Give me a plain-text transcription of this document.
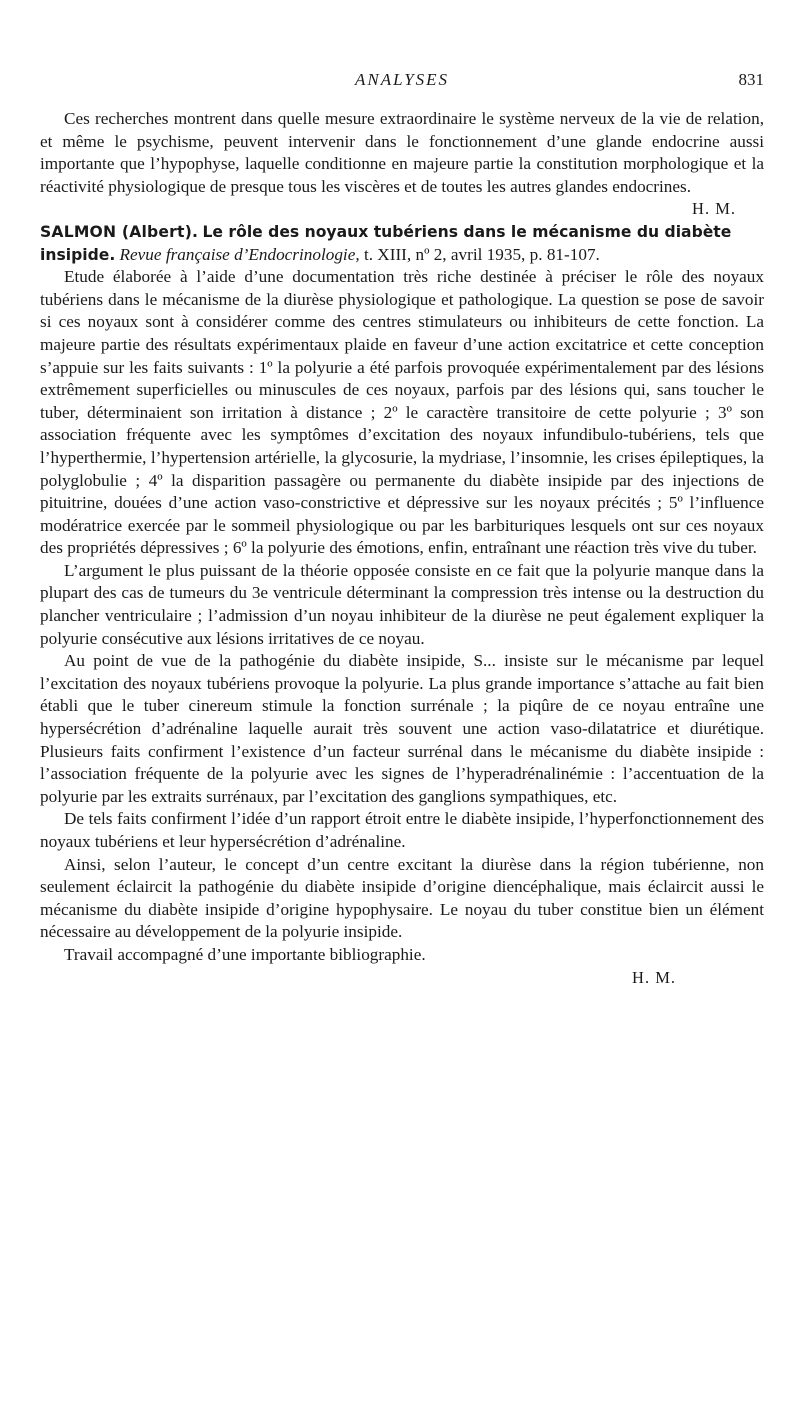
ANALYSES	831

Ces recherches montrent dans quelle mesure extraordinaire le système nerveux de la vie de relation, et même le psychisme, peuvent intervenir dans le fonctionnement d’une glande endocrine aussi importante que l’hypophyse, laquelle conditionne en majeure partie la constitution morphologique et la réactivité physiologique de presque tous les viscères et de toutes les autres glandes endocrines.

H. M.

SALMON (Albert). Le rôle des noyaux tubériens dans le mécanisme du diabète insipide. Revue française d’Endocrinologie, t. XIII, nº 2, avril 1935, p. 81-107.

Etude élaborée à l’aide d’une documentation très riche destinée à préciser le rôle des noyaux tubériens dans le mécanisme de la diurèse physiologique et pathologique. La question se pose de savoir si ces noyaux sont à considérer comme des centres stimulateurs ou inhibiteurs de cette fonction. La majeure partie des résultats expérimentaux plaide en faveur d’une action excitatrice et cette conception s’appuie sur les faits suivants : 1º la polyurie a été parfois provoquée expérimentalement par des lésions extrêmement superficielles ou minuscules de ces noyaux, parfois par des lésions qui, sans toucher le tuber, déterminaient son irritation à distance ; 2º le caractère transitoire de cette polyurie ; 3º son association fréquente avec les symptômes d’excitation des noyaux infundibulo-tubériens, tels que l’hyperthermie, l’hypertension artérielle, la glycosurie, la mydriase, l’insomnie, les crises épileptiques, la polyglobulie ; 4º la disparition passagère ou permanente du diabète insipide par des injections de pituitrine, douées d’une action vaso-constrictive et dépressive sur les noyaux précités ; 5º l’influence modératrice exercée par le sommeil physiologique ou par les barbituriques lesquels ont sur ces noyaux des propriétés dépressives ; 6º la polyurie des émotions, enfin, entraînant une réaction très vive du tuber.

L’argument le plus puissant de la théorie opposée consiste en ce fait que la polyurie manque dans la plupart des cas de tumeurs du 3e ventricule déterminant la compression très intense ou la destruction du plancher ventriculaire ; l’admission d’un noyau inhibiteur de la diurèse ne peut également expliquer la polyurie consécutive aux lésions irritatives de ce noyau.

Au point de vue de la pathogénie du diabète insipide, S... insiste sur le mécanisme par lequel l’excitation des noyaux tubériens provoque la polyurie. La plus grande importance s’attache au fait bien établi que le tuber cinereum stimule la fonction surrénale ; la piqûre de ce noyau entraîne une hypersécrétion d’adrénaline laquelle aurait très souvent une action vaso-dilatatrice et diurétique. Plusieurs faits confirment l’existence d’un facteur surrénal dans le mécanisme du diabète insipide : l’association fréquente de la polyurie avec les signes de l’hyperadrénalinémie : l’accentuation de la polyurie par les extraits surrénaux, par l’excitation des ganglions sympathiques, etc.

De tels faits confirment l’idée d’un rapport étroit entre le diabète insipide, l’hyperfonctionnement des noyaux tubériens et leur hypersécrétion d’adrénaline.

Ainsi, selon l’auteur, le concept d’un centre excitant la diurèse dans la région tubérienne, non seulement éclaircit la pathogénie du diabète insipide d’origine diencéphalique, mais éclaircit aussi le mécanisme du diabète insipide d’origine hypophysaire. Le noyau du tuber constitue bien un élément nécessaire au développement de la polyurie insipide.

Travail accompagné d’une importante bibliographie.

H. M.
